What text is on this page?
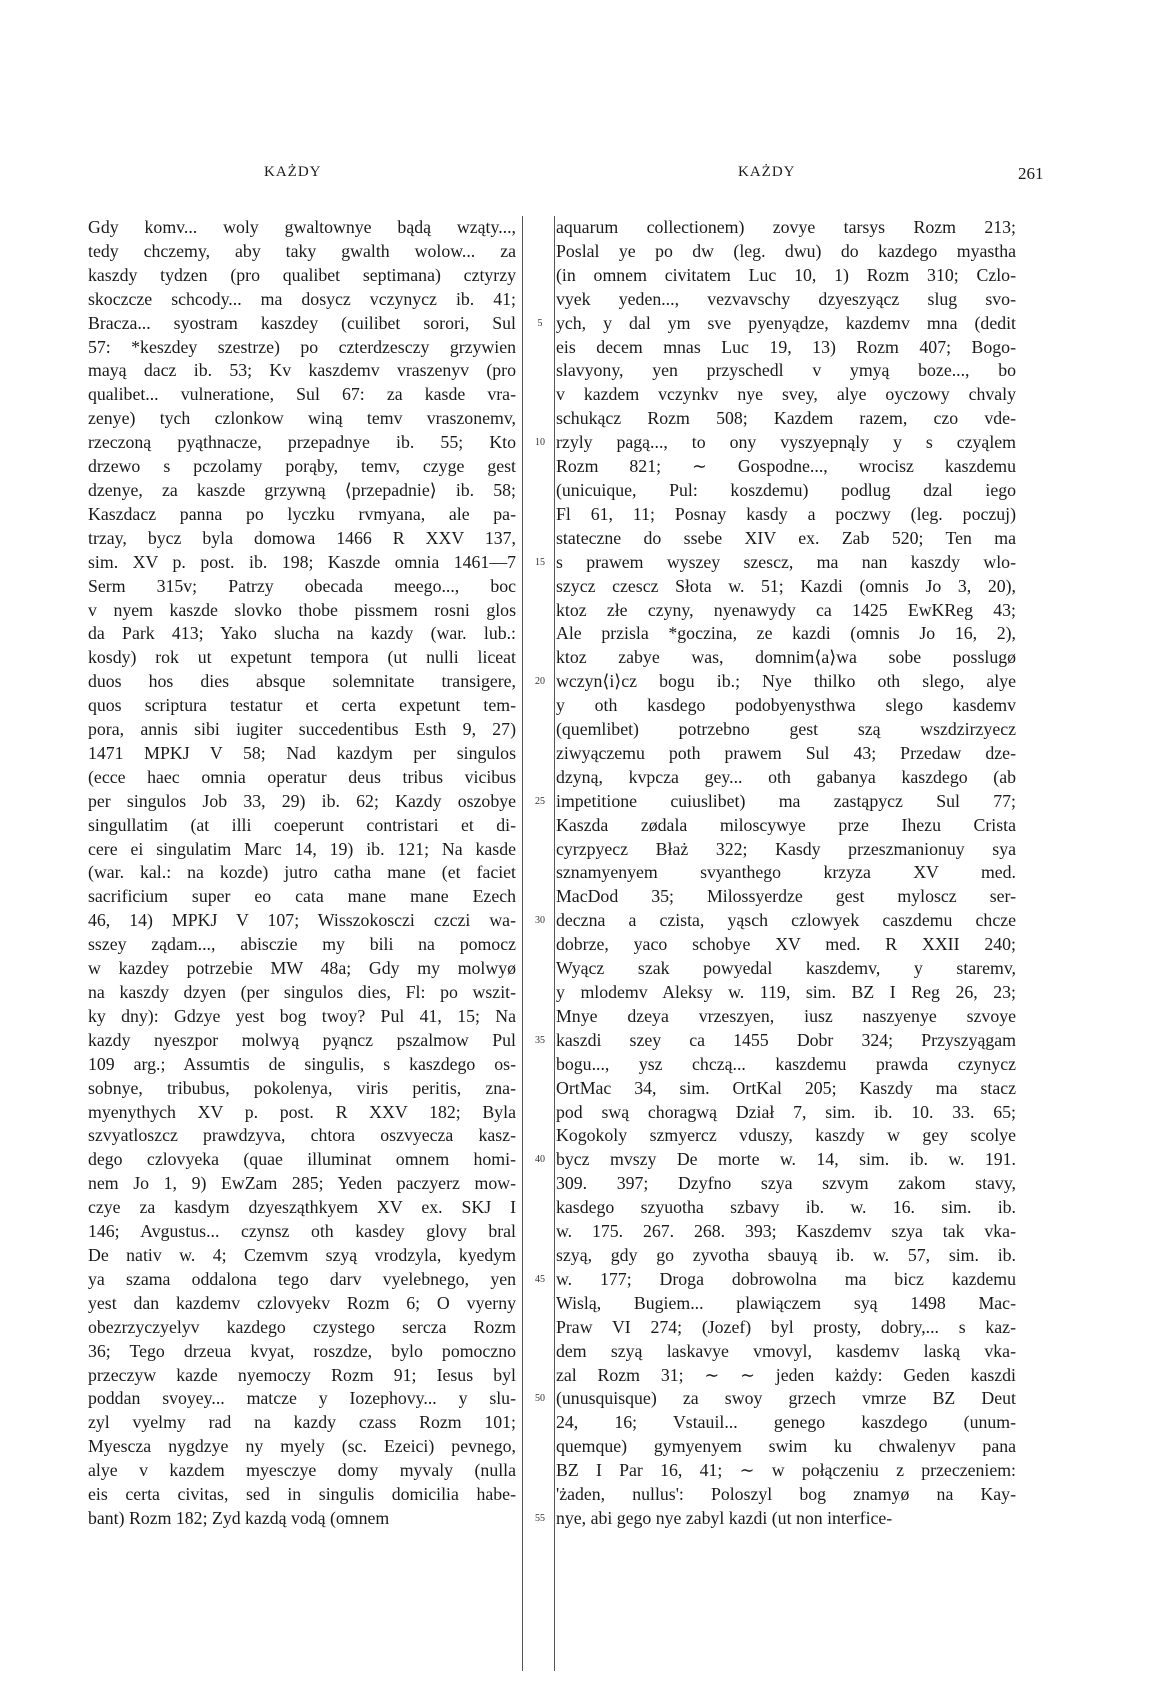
KAŻDY	KAŻDY	261
Gdy komv... woly gwaltownye bądą wząty...,
tedy chczemy, aby taky gwalth wolow... za
kaszdy tydzen (pro qualibet septimana) cztyrzy
skoczcze schcody... ma dosycz vczynycz ib. 41;
Bracza... syostram kaszdey (cuilibet sorori, Sul
57: *keszdey szestrze) po czterdzesczy grzywien
mayą dacz ib. 53; Kv kaszdemv vraszenyv (pro
qualibet... vulneratione, Sul 67: za kasde vra-
zenye) tych czlonkow winą temv vraszonemv,
rzeczoną pyąthnacze, przepadnye ib. 55; Kto
drzewo s pczolamy porąby, temv, czyge gest
dzenye, za kaszde grzywną ⟨przepadnie⟩ ib. 58;
Kaszdacz panna po lyczku rvmyana, ale pa-
trzay, bycz byla domowa 1466 R XXV 137,
sim. XV p. post. ib. 198; Kaszde omnia 1461—7
Serm 315v; Patrzy obecada meego..., boc
v nyem kaszde slovko thobe pissmem rosni glos
da Park 413; Yako slucha na kazdy (war. lub.:
kosdy) rok ut expetunt tempora (ut nulli liceat
duos hos dies absque solemnitate transigere,
quos scriptura testatur et certa expetunt tem-
pora, annis sibi iugiter succedentibus Esth 9, 27)
1471 MPKJ V 58; Nad kazdym per singulos
(ecce haec omnia operatur deus tribus vicibus
per singulos Job 33, 29) ib. 62; Kazdy oszobye
singullatim (at illi coeperunt contristari et di-
cere ei singulatim Marc 14, 19) ib. 121; Na kasde
(war. kal.: na kozde) jutro catha mane (et faciet
sacrificium super eo cata mane mane Ezech
46, 14) MPKJ V 107; Wisszokosczi czczi wa-
sszey ządam..., abisczie my bili na pomocz
w kazdey potrzebie MW 48a; Gdy my molwyø
na kaszdy dzyen (per singulos dies, Fl: po wszit-
ky dny): Gdzye yest bog twoy? Pul 41, 15; Na
kazdy nyeszpor molwyą pyąncz pszalmow Pul
109 arg.; Assumtis de singulis, s kaszdego os-
sobnye, tribubus, pokolenya, viris peritis, zna-
myenythych XV p. post. R XXV 182; Byla
szvyatloszcz prawdzyva, chtora oszvyecza kasz-
dego czlovyeka (quae illuminat omnem homi-
nem Jo 1, 9) EwZam 285; Yeden paczyerz mow-
czye za kasdym dzyesząthkyem XV ex. SKJ I
146; Avgustus... czynsz oth kasdey glovy bral
De nativ w. 4; Czemvm szyą vrodzyla, kyedym
ya szama oddalona tego darv vyelebnego, yen
yest dan kazdemv czlovyekv Rozm 6; O vyerny
obezrzyczyelyv kazdego czystego sercza Rozm
36; Tego drzeua kvyat, roszdze, bylo pomoczno
przeczyw kazde nyemoczy Rozm 91; Iesus byl
poddan svoyey... matcze y Iozephovy... y slu-
zyl vyelmy rad na kazdy czass Rozm 101;
Myescza nygdzye ny myely (sc. Ezeici) pevnego,
alye v kazdem myesczye domy myvaly (nulla
eis certa civitas, sed in singulis domicilia habe-
bant) Rozm 182; Zyd kazdą vodą (omnem
5
10
15
20
25
30
35
40
45
50
55
aquarum collectionem) zovye tarsys Rozm 213;
Poslal ye po dw (leg. dwu) do kazdego myastha
(in omnem civitatem Luc 10, 1) Rozm 310; Czlo-
vyek yeden..., vezvavschy dzyeszyącz slug svo-
ych, y dal ym sve pyenyądze, kazdemv mna (dedit
eis decem mnas Luc 19, 13) Rozm 407; Bogo-
slavyony, yen przyschedl v ymyą boze..., bo
v kazdem vczynkv nye svey, alye oyczowy chvaly
schukącz Rozm 508; Kazdem razem, czo vde-
rzyly pagą..., to ony vyszyepnąly y s czyąlem
Rozm 821; ∼ Gospodne..., wrocisz kaszdemu
(unicuique, Pul: koszdemu) podlug dzal iego
Fl 61, 11; Posnay kasdy a poczwy (leg. poczuj)
stateczne do ssebe XIV ex. Zab 520; Ten ma
s prawem wyszey szescz, ma nan kaszdy wlo-
szycz czescz Słota w. 51; Kazdi (omnis Jo 3, 20),
ktoz złe czyny, nyenawydy ca 1425 EwKReg 43;
Ale przisla *goczina, ze kazdi (omnis Jo 16, 2),
ktoz zabye was, domnim⟨a⟩wa sobe posslugø
wczyn⟨i⟩cz bogu ib.; Nye thilko oth slego, alye
y oth kasdego podobyenysthwa slego kasdemv
(quemlibet) potrzebno gest szą wszdzirzyecz
ziwyączemu poth prawem Sul 43; Przedaw dze-
dzyną, kvpcza gey... oth gabanya kaszdego (ab
impetitione cuiuslibet) ma zastąpycz Sul 77;
Kaszda zødala miloscywye prze Ihezu Crista
cyrzpyecz Błaż 322; Kasdy przeszmanionuy sya
sznamyenyem svyanthego krzyza XV med.
MacDod 35; Milossyerdze gest myloscz ser-
deczna a czista, yąsch czlowyek caszdemu chcze
dobrze, yaco schobye XV med. R XXII 240;
Wyącz szak powyedal kaszdemv, y staremv,
y mlodemv Aleksy w. 119, sim. BZ I Reg 26, 23;
Mnye dzeya vrzeszyen, iusz naszyenye szvoye
kaszdi szey ca 1455 Dobr 324; Przyszyągam
bogu..., ysz chczą... kaszdemu prawda czynycz
OrtMac 34, sim. OrtKal 205; Kaszdy ma stacz
pod swą choragwą Dział 7, sim. ib. 10. 33. 65;
Kogokoly szmyercz vduszy, kaszdy w gey scolye
bycz mvszy De morte w. 14, sim. ib. w. 191.
309. 397; Dzyfno szya szvym zakom stavy,
kasdego szyuotha szbavy ib. w. 16. sim. ib.
w. 175. 267. 268. 393; Kaszdemv szya tak vka-
szyą, gdy go zyvotha sbauyą ib. w. 57, sim. ib.
w. 177; Droga dobrowolna ma bicz kazdemu
Wislą, Bugiem... plawiączem syą 1498 Mac-
Praw VI 274; (Jozef) byl prosty, dobry,... s kaz-
dem szyą laskavye vmovyl, kasdemv laską vka-
zal Rozm 31; ∼ ∼ jeden każdy: Geden kaszdi
(unusquisque) za swoy grzech vmrze BZ Deut
24, 16; Vstauil... genego kaszdego (unum-
quemque) gymyenyem swim ku chwalenyv pana
BZ I Par 16, 41; ∼ w połączeniu z przeczeniem:
'żaden, nullus': Poloszyl bog znamyø na Kay-
nye, abi gego nye zabyl kazdi (ut non interfice-
